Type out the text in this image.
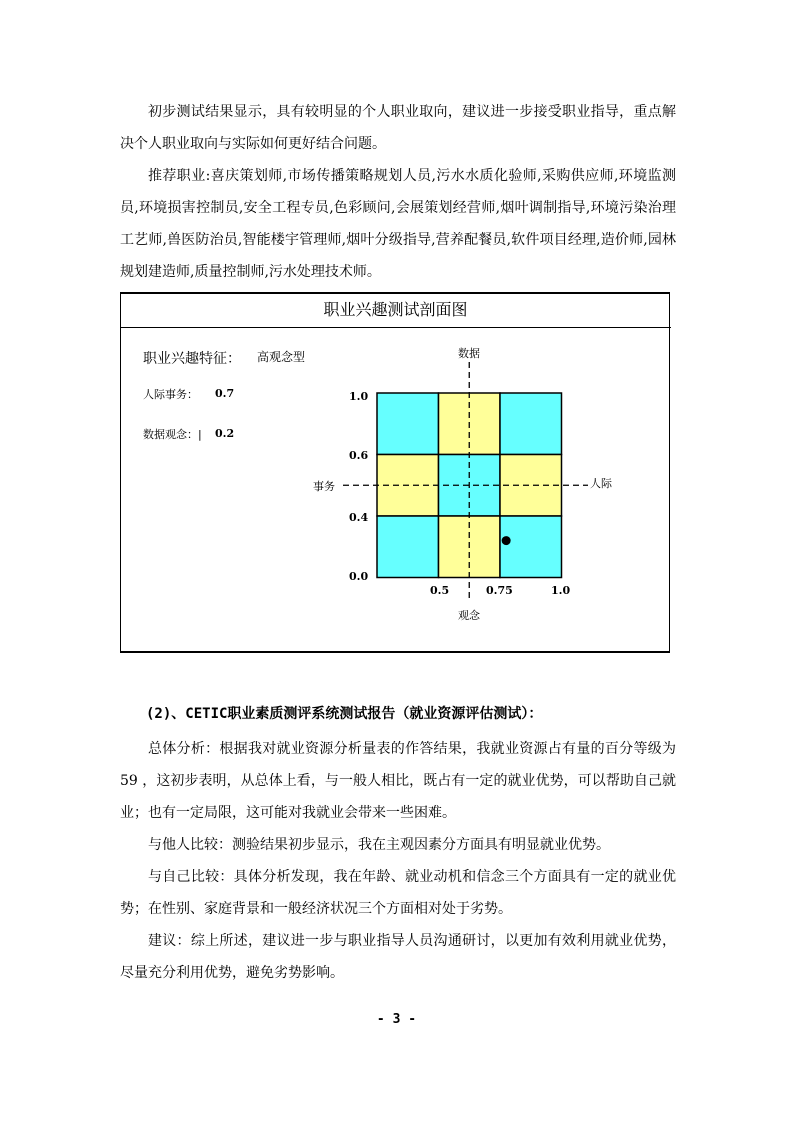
初步测试结果显示，具有较明显的个人职业取向，建议进一步接受职业指导，重点解决个人职业取向与实际如何更好结合问题。

推荐职业:喜庆策划师,市场传播策略规划人员,污水水质化验师,采购供应师,环境监测员,环境损害控制员,安全工程专员,色彩顾问,会展策划经营师,烟叶调制指导,环境污染治理工艺师,兽医防治员,智能楼宇管理师,烟叶分级指导,营养配餐员,软件项目经理,造价师,园林规划建造师,质量控制师,污水处理技术师。

职业兴趣测试剖面图
职业兴趣特征： 高观念型
人际事务： 0.7
数据观念：| 0.2
数据
事务	人际
观念
1.0
0.6
0.4
0.0
0.5	0.75	1.0
(2)、CETIC职业素质测评系统测试报告（就业资源评估测试）：

总体分析：根据我对就业资源分析量表的作答结果，我就业资源占有量的百分等级为59 ，这初步表明，从总体上看，与一般人相比，既占有一定的就业优势，可以帮助自己就业；也有一定局限，这可能对我就业会带来一些困难。

与他人比较：测验结果初步显示，我在主观因素分方面具有明显就业优势。

与自己比较：具体分析发现，我在年龄、就业动机和信念三个方面具有一定的就业优势；在性别、家庭背景和一般经济状况三个方面相对处于劣势。

建议：综上所述，建议进一步与职业指导人员沟通研讨，以更加有效利用就业优势，尽量充分利用优势，避免劣势影响。

- 3 -
